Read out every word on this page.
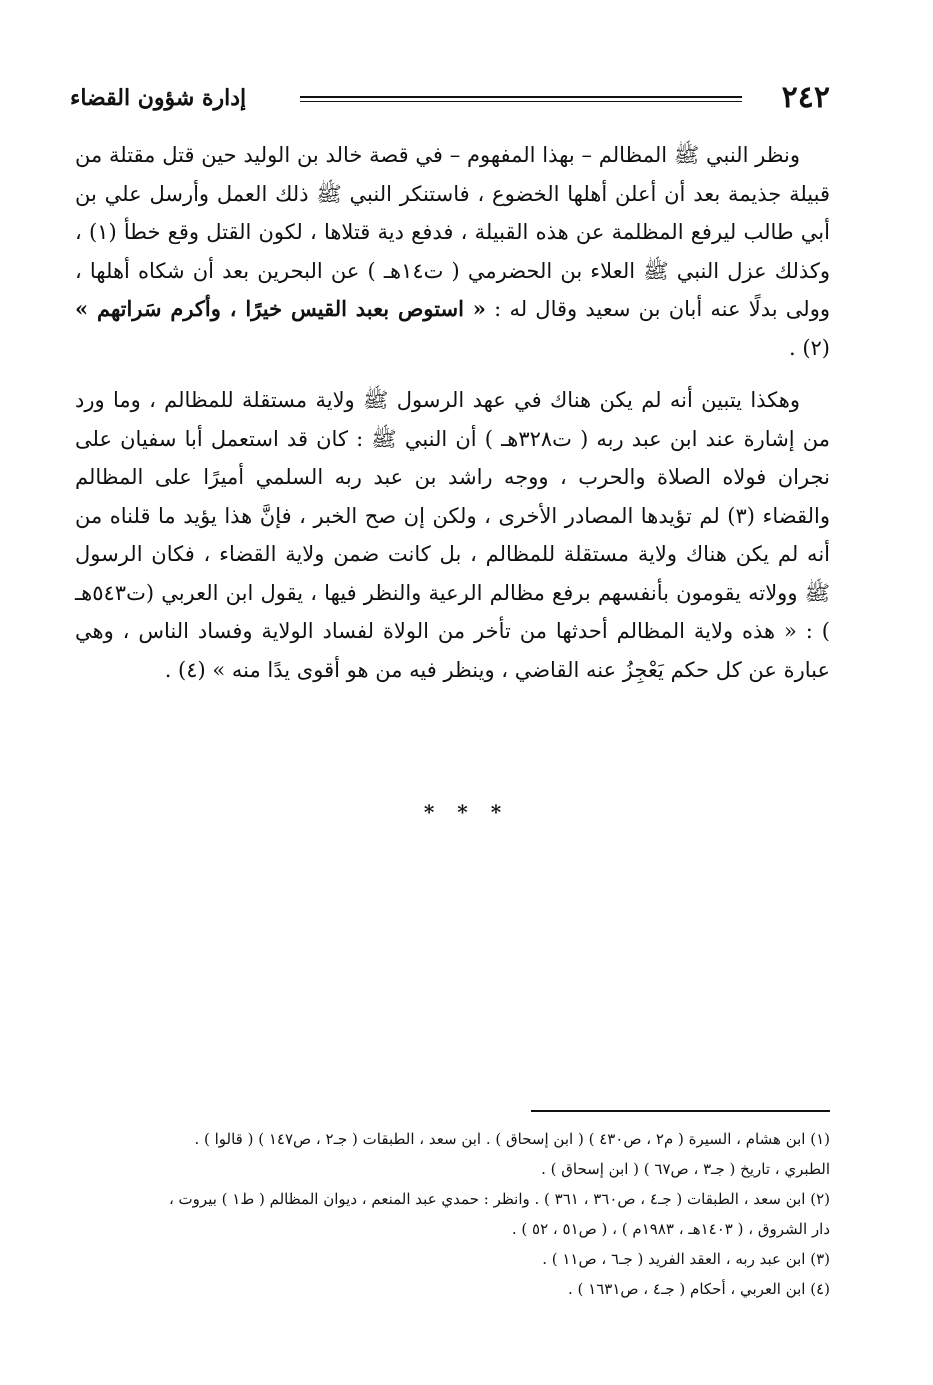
٢٤٢
إدارة شؤون القضاء

ونظر النبي ﷺ المظالم – بهذا المفهوم – في قصة خالد بن الوليد حين قتل مقتلة من قبيلة جذيمة بعد أن أعلن أهلها الخضوع ، فاستنكر النبي ﷺ ذلك العمل وأرسل علي بن أبي طالب ليرفع المظلمة عن هذه القبيلة ، فدفع دية قتلاها ، لكون القتل وقع خطأ (١) ، وكذلك عزل النبي ﷺ العلاء بن الحضرمي ( ت١٤هـ ) عن البحرين بعد أن شكاه أهلها ، وولى بدلًا عنه أبان بن سعيد وقال له : « استوص بعبد القيس خيرًا ، وأكرم سَراتهم » (٢) .

وهكذا يتبين أنه لم يكن هناك في عهد الرسول ﷺ ولاية مستقلة للمظالم ، وما ورد من إشارة عند ابن عبد ربه ( ت٣٢٨هـ ) أن النبي ﷺ : كان قد استعمل أبا سفيان على نجران فولاه الصلاة والحرب ، ووجه راشد بن عبد ربه السلمي أميرًا على المظالم والقضاء (٣) لم تؤيدها المصادر الأخرى ، ولكن إن صح الخبر ، فإنَّ هذا يؤيد ما قلناه من أنه لم يكن هناك ولاية مستقلة للمظالم ، بل كانت ضمن ولاية القضاء ، فكان الرسول ﷺ وولاته يقومون بأنفسهم برفع مظالم الرعية والنظر فيها ، يقول ابن العربي (ت٥٤٣هـ ) : « هذه ولاية المظالم أحدثها من تأخر من الولاة لفساد الولاية وفساد الناس ، وهي عبارة عن كل حكم يَعْجِزُ عنه القاضي ، وينظر فيه من هو أقوى يدًا منه » (٤) .

* * *

(١) ابن هشام ، السيرة ( م٢ ، ص٤٣٠ ) ( ابن إسحاق ) . ابن سعد ، الطبقات ( جـ٢ ، ص١٤٧ ) ( قالوا ) .

الطبري ، تاريخ ( جـ٣ ، ص٦٧ ) ( ابن إسحاق ) .

(٢) ابن سعد ، الطبقات ( جـ٤ ، ص٣٦٠ ، ٣٦١ ) . وانظر : حمدي عبد المنعم ، ديوان المظالم ( ط١ ) بيروت ،

دار الشروق ، ( ١٤٠٣هـ ، ١٩٨٣م ) ، ( ص٥١ ، ٥٢ ) .

(٣) ابن عبد ربه ، العقد الفريد ( جـ٦ ، ص١١ ) .

(٤) ابن العربي ، أحكام ( جـ٤ ، ص١٦٣١ ) .
